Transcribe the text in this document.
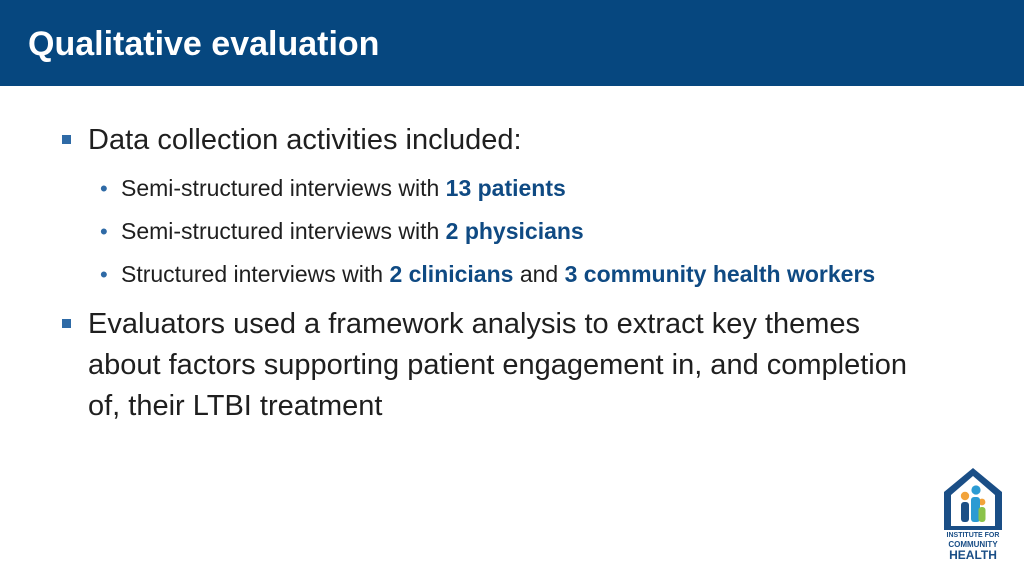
Qualitative evaluation
Data collection activities included:
• Semi-structured interviews with 13 patients
• Semi-structured interviews with 2 physicians
• Structured interviews with 2 clinicians and 3 community health workers
Evaluators used a framework analysis to extract key themes about factors supporting patient engagement in, and completion of, their LTBI treatment
INSTITUTE FOR
COMMUNITY
HEALTH
